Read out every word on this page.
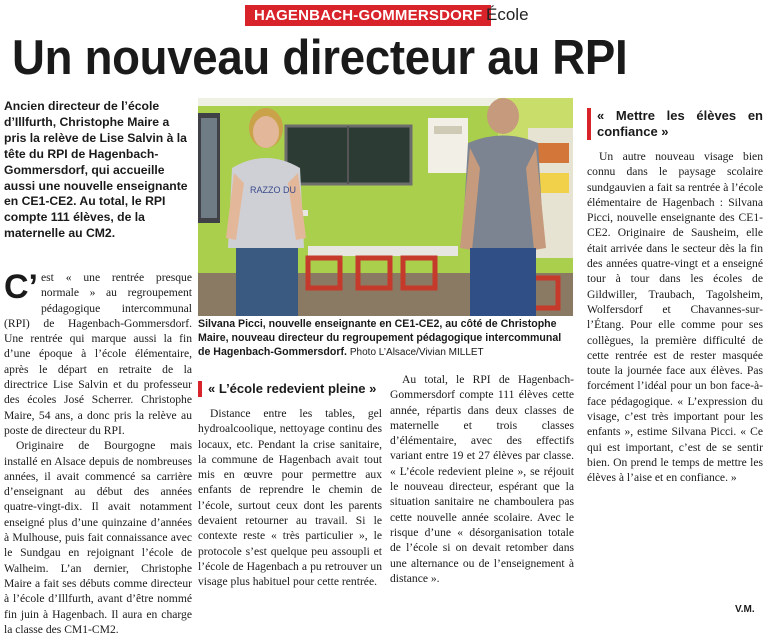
HAGENBACH-GOMMERSDORF École
Un nouveau directeur au RPI
Ancien directeur de l’école d’Illfurth, Christophe Maire a pris la relève de Lise Salvin à la tête du RPI de Hagenbach-Gommersdorf, qui accueille aussi une nouvelle enseignante en CE1-CE2. Au total, le RPI compte 111 élèves, de la maternelle au CM2.
RAZZO DU
Silvana Picci, nouvelle enseignante en CE1-CE2, au côté de Christophe Maire, nouveau directeur du regroupement pédagogique intercommunal de Hagenbach-Gommersdorf. Photo L’Alsace/Vivian MILLET

C’ est « une rentrée presque normale » au regroupement pédagogique intercommunal (RPI) de Hagenbach-Gommersdorf. Une rentrée qui marque aussi la fin d’une époque à l’école élémentaire, après le départ en retraite de la directrice Lise Salvin et du professeur des écoles José Scherrer. Christophe Maire, 54 ans, a donc pris la relève au poste de directeur du RPI.

Originaire de Bourgogne mais installé en Alsace depuis de nombreuses années, il avait commencé sa carrière d’enseignant au début des années quatre-vingt-dix. Il avait notamment enseigné plus d’une quinzaine d’années à Mulhouse, puis fait connaissance avec le Sundgau en rejoignant l’école de Walheim. L’an dernier, Christophe Maire a fait ses débuts comme directeur à l’école d’Illfurth, avant d’être nommé fin juin à Hagenbach. Il aura en charge la classe des CM1-CM2.

« L’école redevient pleine »

Distance entre les tables, gel hydroalcoolique, nettoyage continu des locaux, etc. Pendant la crise sanitaire, la commune de Hagenbach avait tout mis en œuvre pour permettre aux enfants de reprendre le chemin de l’école, surtout ceux dont les parents devaient retourner au travail. Si le contexte reste « très particulier », le protocole s’est quelque peu assoupli et l’école de Hagenbach a pu retrouver un visage plus habituel pour cette rentrée.

Au total, le RPI de Hagenbach-Gommersdorf compte 111 élèves cette année, répartis dans deux classes de maternelle et trois classes d’élémentaire, avec des effectifs variant entre 19 et 27 élèves par classe. « L’école redevient pleine », se réjouit le nouveau directeur, espérant que la situation sanitaire ne chamboulera pas cette nouvelle année scolaire. Avec le risque d’une « désorganisation totale de l’école si on devait retomber dans une alternance ou de l’enseignement à distance ».

« Mettre les élèves en confiance »

Un autre nouveau visage bien connu dans le paysage scolaire sundgauvien a fait sa rentrée à l’école élémentaire de Hagenbach : Silvana Picci, nouvelle enseignante des CE1-CE2. Originaire de Sausheim, elle était arrivée dans le secteur dès la fin des années quatre-vingt et a enseigné tour à tour dans les écoles de Gildwiller, Traubach, Tagolsheim, Wolfersdorf et Chavannes-sur-l’Étang. Pour elle comme pour ses collègues, la première difficulté de cette rentrée est de rester masquée toute la journée face aux élèves. Pas forcément l’idéal pour un bon face-à-face pédagogique. « L’expression du visage, c’est très important pour les enfants », estime Silvana Picci. « Ce qui est important, c’est de se sentir bien. On prend le temps de mettre les élèves à l’aise et en confiance. »

V.M.
